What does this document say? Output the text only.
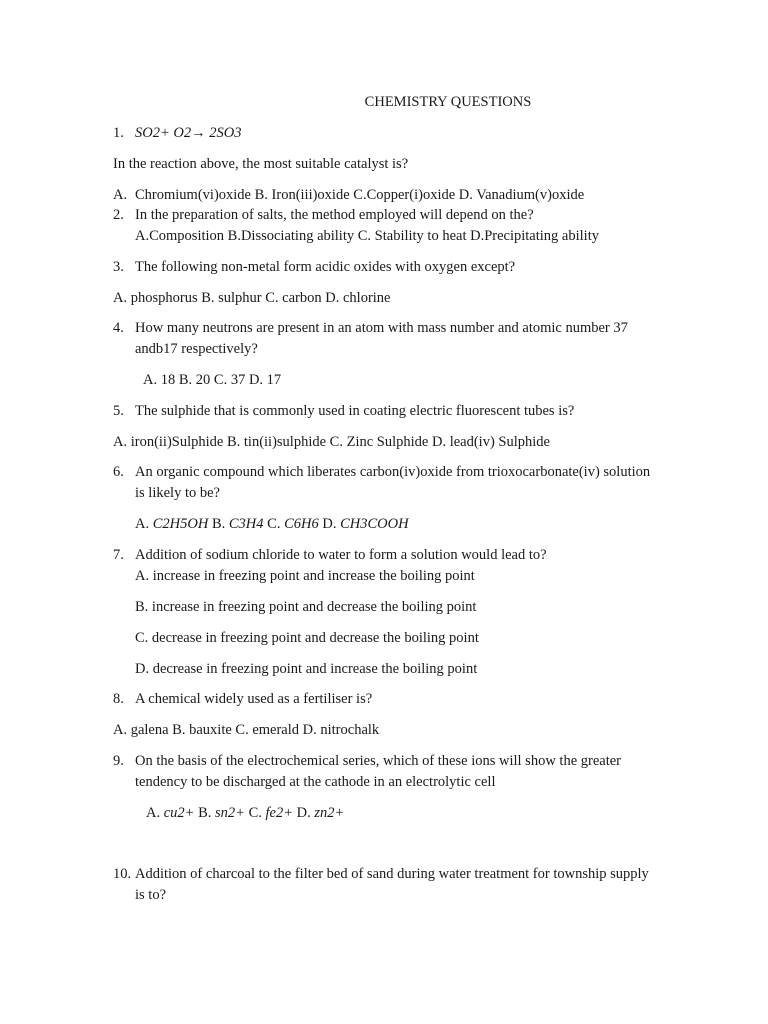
CHEMISTRY QUESTIONS
1. SO2+ O2→ 2SO3
In the reaction above, the most suitable catalyst is?
A. Chromium(vi)oxide B. Iron(iii)oxide C.Copper(i)oxide D. Vanadium(v)oxide
2. In the preparation of salts, the method employed will depend on the?
A.Composition B.Dissociating ability C. Stability to heat D.Precipitating ability
3. The following non-metal form acidic oxides with oxygen except?
A. phosphorus B. sulphur C. carbon D. chlorine
4. How many neutrons are present in an atom with mass number and atomic number 37
andb17 respectively?
A. 18 B. 20 C. 37 D. 17
5. The sulphide that is commonly used in coating electric fluorescent tubes is?
A. iron(ii)Sulphide B. tin(ii)sulphide C. Zinc Sulphide D. lead(iv) Sulphide
6. An organic compound which liberates carbon(iv)oxide from trioxocarbonate(iv) solution
is likely to be?
A. C2H5OH B. C3H4 C. C6H6 D. CH3COOH
7. Addition of sodium chloride to water to form a solution would lead to?
A. increase in freezing point and increase the boiling point
B. increase in freezing point and decrease the boiling point
C. decrease in freezing point and decrease the boiling point
D. decrease in freezing point and increase the boiling point
8. A chemical widely used as a fertiliser is?
A. galena B. bauxite C. emerald D. nitrochalk
9. On the basis of the electrochemical series, which of these ions will show the greater
tendency to be discharged at the cathode in an electrolytic cell
A. cu2+ B. sn2+ C. fe2+ D. zn2+
10. Addition of charcoal to the filter bed of sand during water treatment for township supply
is to?
